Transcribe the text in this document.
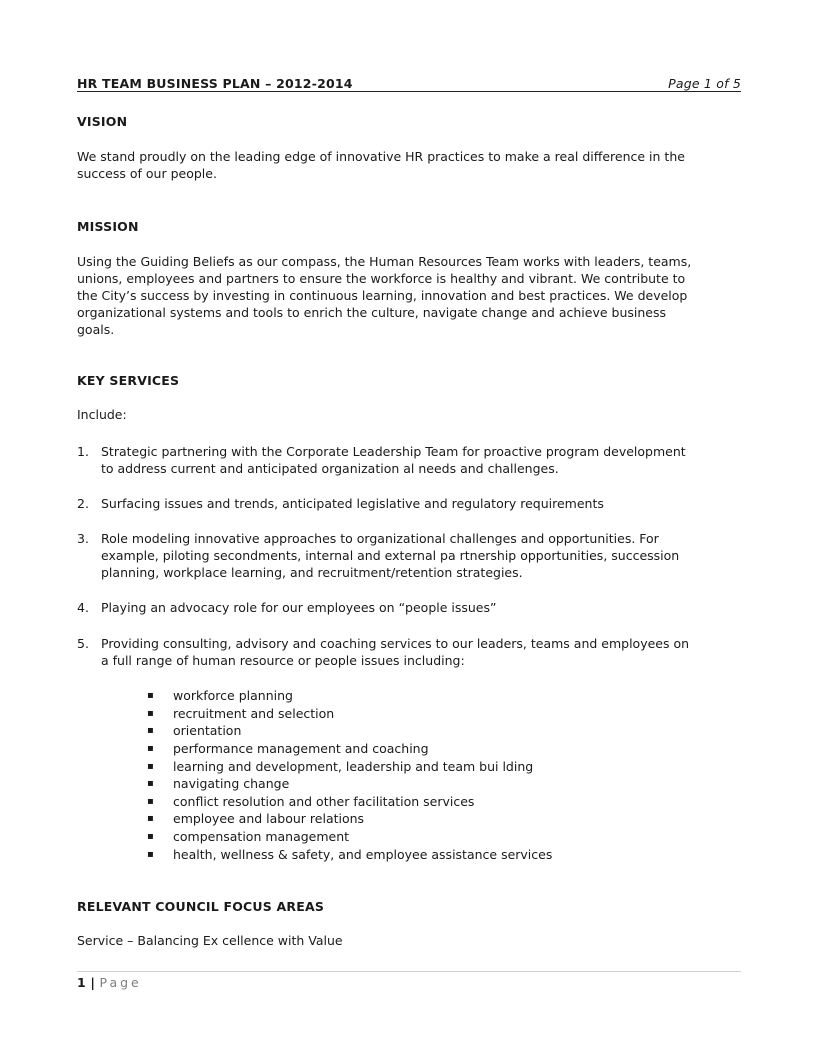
HR TEAM BUSINESS PLAN – 2012-2014	Page 1 of 5
VISION
We stand proudly on the leading edge of innovative HR practices to make a real difference in the
success of our people.
MISSION
Using the Guiding Beliefs as our compass, the Human Resources Team works with leaders, teams,
unions, employees and partners to ensure the workforce is healthy and vibrant. We contribute to
the City’s success by investing in continuous learning, innovation and best practices. We develop
organizational systems and tools to enrich the culture, navigate change and achieve business
goals.
KEY SERVICES
Include:
1. Strategic partnering with the Corporate Leadership Team for proactive program development
to address current and anticipated organization al needs and challenges.
2. Surfacing issues and trends, anticipated legislative and regulatory requirements
3. Role modeling innovative approaches to organizational challenges and opportunities. For
example, piloting secondments, internal and external pa rtnership opportunities, succession
planning, workplace learning, and recruitment/retention strategies.
4. Playing an advocacy role for our employees on “people issues”
5. Providing consulting, advisory and coaching services to our leaders, teams and employees on
a full range of human resource or people issues including:
▪ workforce planning
▪ recruitment and selection
▪ orientation
▪ performance management and coaching
▪ learning and development, leadership and team bui lding
▪ navigating change
▪ conflict resolution and other facilitation services
▪ employee and labour relations
▪ compensation management
▪ health, wellness & safety, and employee assistance services
RELEVANT COUNCIL FOCUS AREAS
Service – Balancing Ex cellence with Value
1 | Page
